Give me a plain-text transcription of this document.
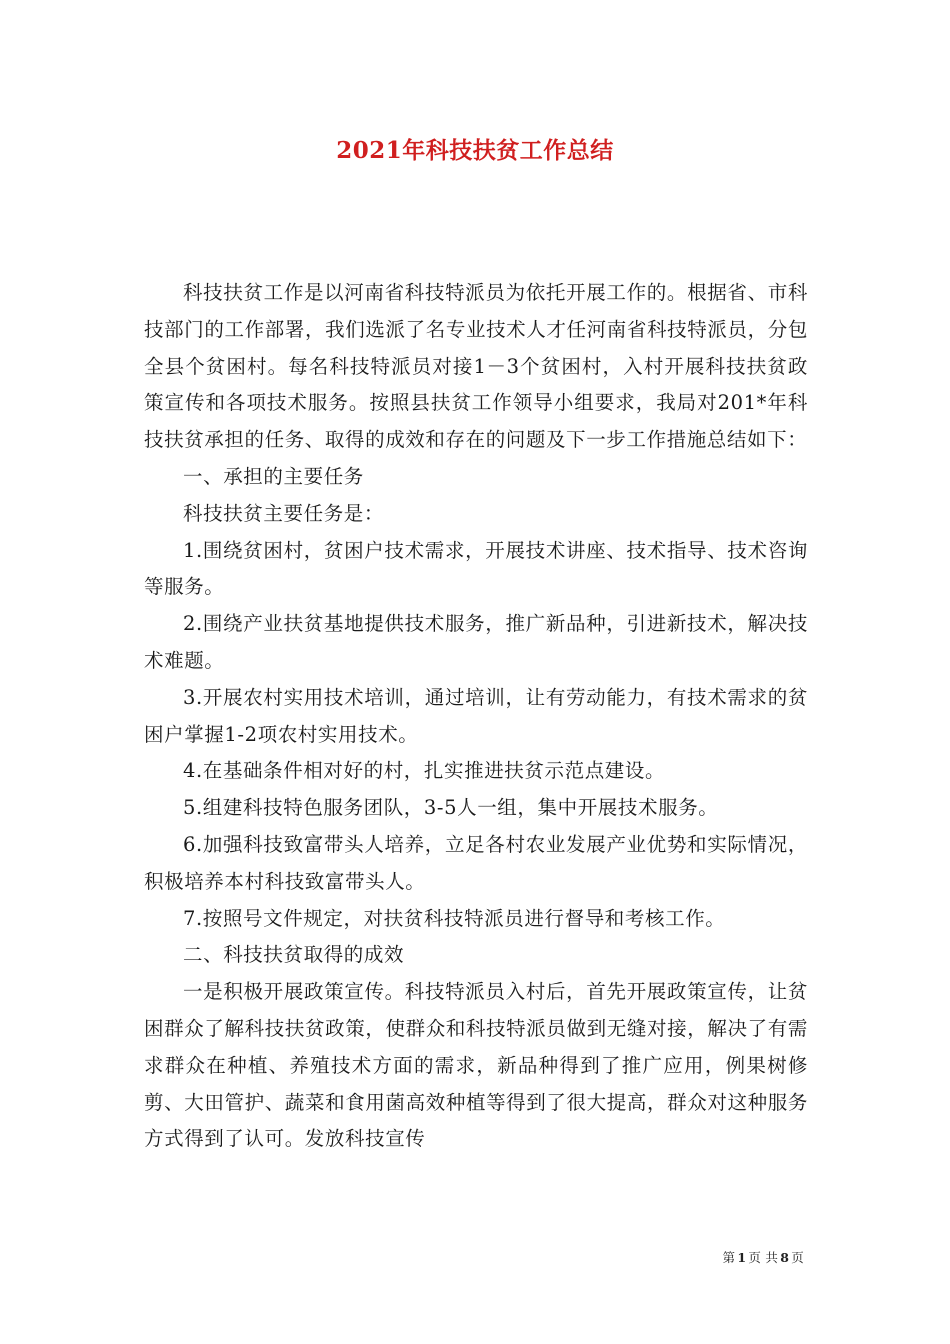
2021年科技扶贫工作总结

科技扶贫工作是以河南省科技特派员为依托开展工作的。根据省、市科技部门的工作部署，我们选派了名专业技术人才任河南省科技特派员，分包全县个贫困村。每名科技特派员对接1－3个贫困村，入村开展科技扶贫政策宣传和各项技术服务。按照县扶贫工作领导小组要求，我局对201*年科技扶贫承担的任务、取得的成效和存在的问题及下一步工作措施总结如下：

一、承担的主要任务

科技扶贫主要任务是：

1.围绕贫困村，贫困户技术需求，开展技术讲座、技术指导、技术咨询等服务。

2.围绕产业扶贫基地提供技术服务，推广新品种，引进新技术，解决技术难题。

3.开展农村实用技术培训，通过培训，让有劳动能力，有技术需求的贫困户掌握1-2项农村实用技术。

4.在基础条件相对好的村，扎实推进扶贫示范点建设。

5.组建科技特色服务团队，3-5人一组，集中开展技术服务。

6.加强科技致富带头人培养，立足各村农业发展产业优势和实际情况，积极培养本村科技致富带头人。

7.按照号文件规定，对扶贫科技特派员进行督导和考核工作。

二、科技扶贫取得的成效

一是积极开展政策宣传。科技特派员入村后，首先开展政策宣传，让贫困群众了解科技扶贫政策，使群众和科技特派员做到无缝对接，解决了有需求群众在种植、养殖技术方面的需求，新品种得到了推广应用，例果树修剪、大田管护、蔬菜和食用菌高效种植等得到了很大提高，群众对这种服务方式得到了认可。发放科技宣传

第 1 页 共 8 页
